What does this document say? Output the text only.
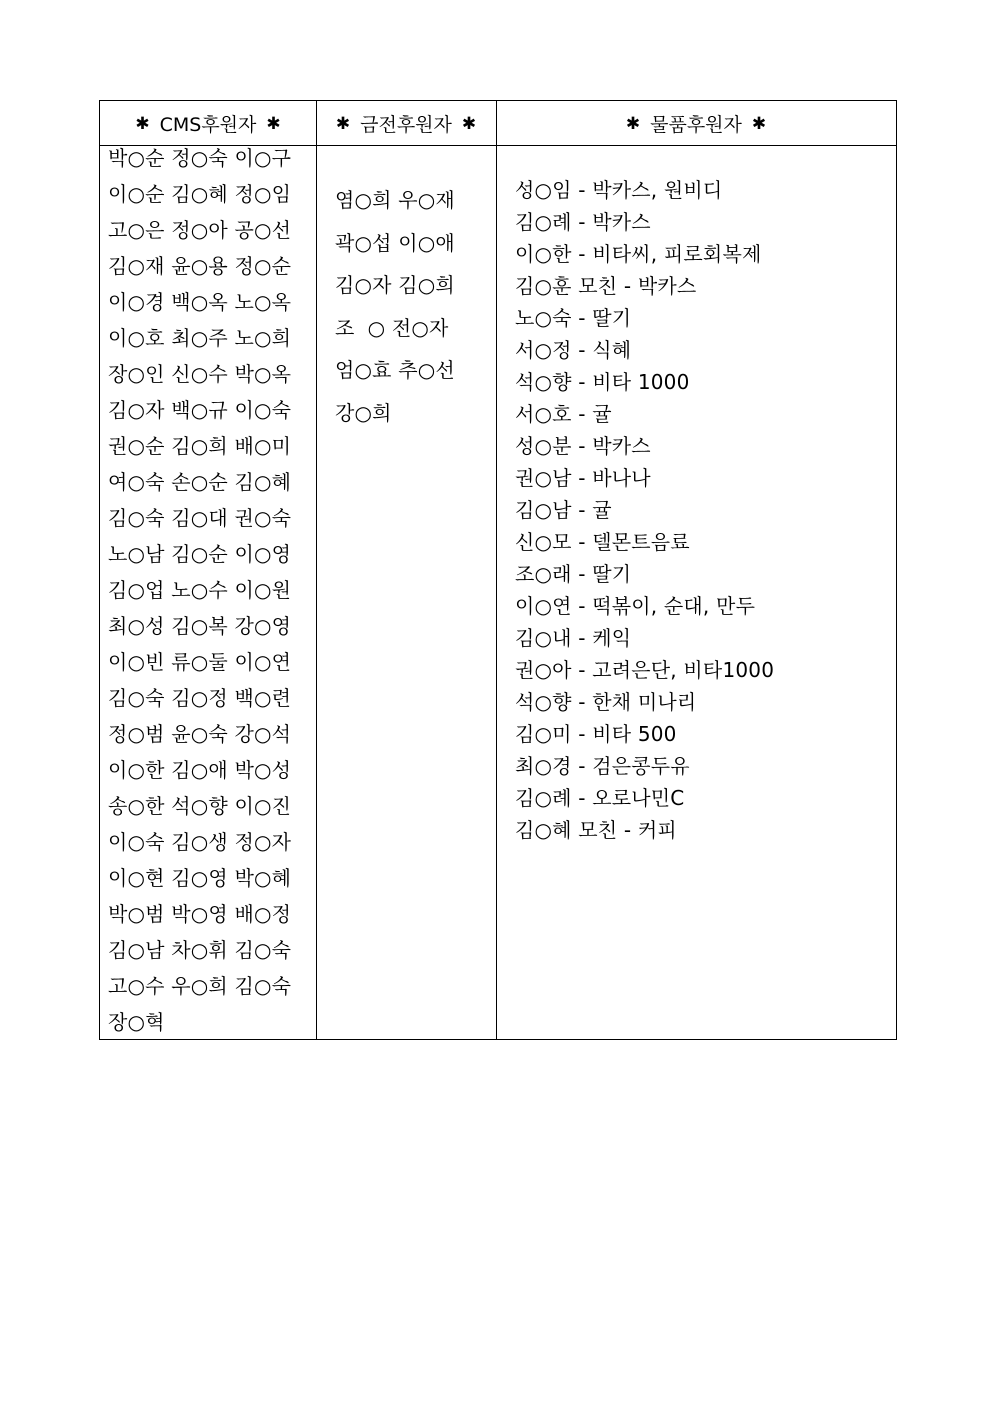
✱ CMS후원자 ✱	✱ 금전후원자 ✱	✱ 물품후원자 ✱
박○순 정○숙 이○구
이○순 김○혜 정○임
고○은 정○아 공○선
김○재 윤○용 정○순
이○경 백○옥 노○옥
이○호 최○주 노○희
장○인 신○수 박○옥
김○자 백○규 이○숙
권○순 김○희 배○미
여○숙 손○순 김○혜
김○숙 김○대 권○숙
노○남 김○순 이○영
김○업 노○수 이○원
최○성 김○복 강○영
이○빈 류○둘 이○연
김○숙 김○정 백○련
정○범 윤○숙 강○석
이○한 김○애 박○성
송○한 석○향 이○진
이○숙 김○생 정○자
이○현 김○영 박○혜
박○범 박○영 배○정
김○남 차○휘 김○숙
고○수 우○희 김○숙
장○혁
염○희 우○재
곽○섭 이○애
김○자 김○희
조  ○ 전○자
엄○효 추○선
강○희
성○임 - 박카스, 원비디
김○례 - 박카스
이○한 - 비타씨, 피로회복제
김○훈 모친 - 박카스
노○숙 - 딸기
서○정 - 식혜
석○향 - 비타 1000
서○호 - 귤
성○분 - 박카스
권○남 - 바나나
김○남 - 귤
신○모 - 델몬트음료
조○래 - 딸기
이○연 - 떡볶이, 순대, 만두
김○내 - 케익
권○아 - 고려은단, 비타1000
석○향 - 한채 미나리
김○미 - 비타 500
최○경 - 검은콩두유
김○례 - 오로나민C
김○혜 모친 - 커피
